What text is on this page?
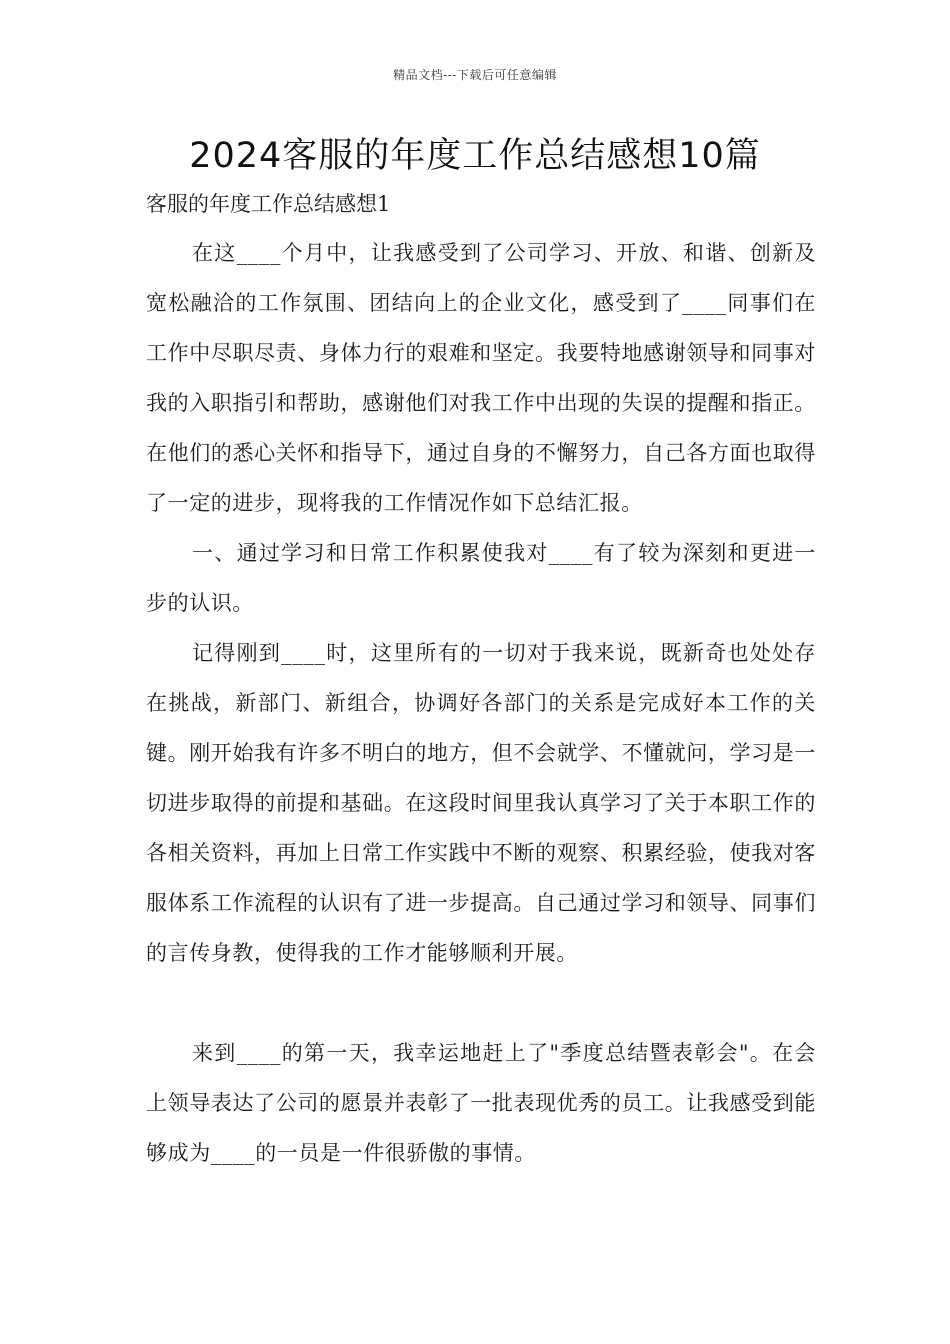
精品文档---下载后可任意编辑
2024客服的年度工作总结感想10篇
客服的年度工作总结感想1

在这____个月中，让我感受到了公司学习、开放、和谐、创新及宽松融洽的工作氛围、团结向上的企业文化，感受到了____同事们在工作中尽职尽责、身体力行的艰难和坚定。我要特地感谢领导和同事对我的入职指引和帮助，感谢他们对我工作中出现的失误的提醒和指正。在他们的悉心关怀和指导下，通过自身的不懈努力，自己各方面也取得了一定的进步，现将我的工作情况作如下总结汇报。

一、通过学习和日常工作积累使我对____有了较为深刻和更进一步的认识。

记得刚到____时，这里所有的一切对于我来说，既新奇也处处存在挑战，新部门、新组合，协调好各部门的关系是完成好本工作的关键。刚开始我有许多不明白的地方，但不会就学、不懂就问，学习是一切进步取得的前提和基础。在这段时间里我认真学习了关于本职工作的各相关资料，再加上日常工作实践中不断的观察、积累经验，使我对客服体系工作流程的认识有了进一步提高。自己通过学习和领导、同事们的言传身教，使得我的工作才能够顺利开展。

来到____的第一天，我幸运地赶上了"季度总结暨表彰会"。在会上领导表达了公司的愿景并表彰了一批表现优秀的员工。让我感受到能够成为____的一员是一件很骄傲的事情。
